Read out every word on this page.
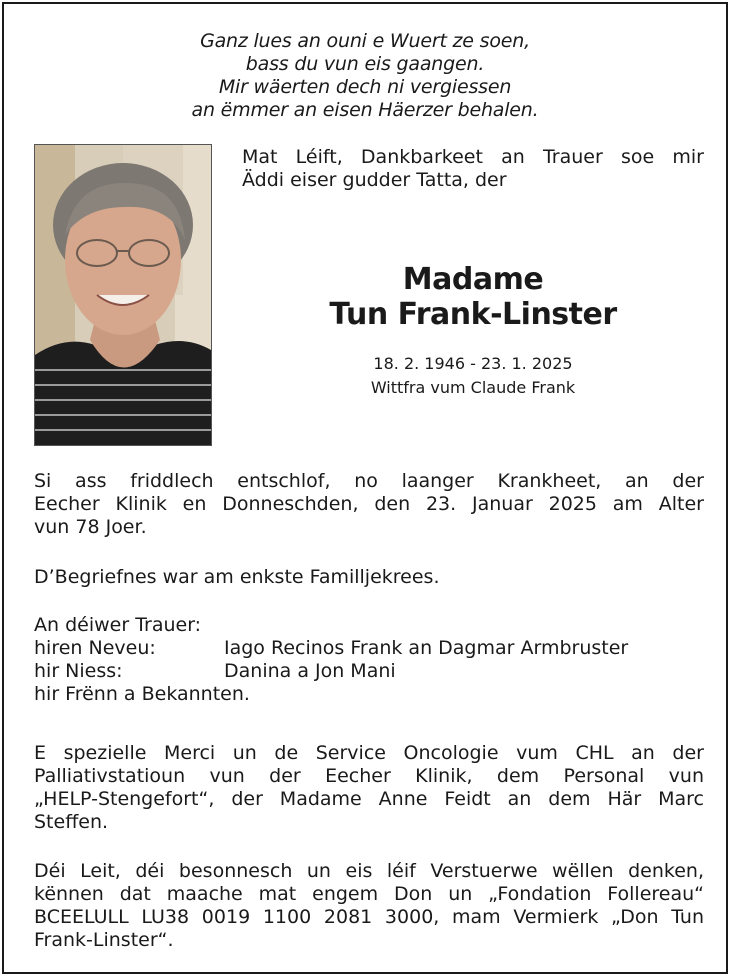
Ganz lues an ouni e Wuert ze soen,
bass du vun eis gaangen.
Mir wäerten dech ni vergiessen
an ëmmer an eisen Häerzer behalen.
Mat Léift, Dankbarkeet an Trauer soe mir
Äddi eiser gudder Tatta, der
Madame
Tun Frank-Linster
18. 2. 1946 - 23. 1. 2025
Wittfra vum Claude Frank
Si ass friddlech entschlof, no laanger Krankheet, an der
Eecher Klinik en Donneschden, den 23. Januar 2025 am Alter
vun 78 Joer.
D’Begriefnes war am enkste Familljekrees.
An déiwer Trauer:
hiren Neveu:	Iago Recinos Frank an Dagmar Armbruster
hir Niess:	Danina a Jon Mani
hir Frënn a Bekannten.
E spezielle Merci un de Service Oncologie vum CHL an der
Palliativstatioun vun der Eecher Klinik, dem Personal vun
„HELP-Stengefort“, der Madame Anne Feidt an dem Här Marc
Steffen.
Déi Leit, déi besonnesch un eis léif Verstuerwe wëllen denken,
kënnen dat maache mat engem Don un „Fondation Follereau“
BCEELULL LU38 0019 1100 2081 3000, mam Vermierk „Don Tun
Frank-Linster“.
